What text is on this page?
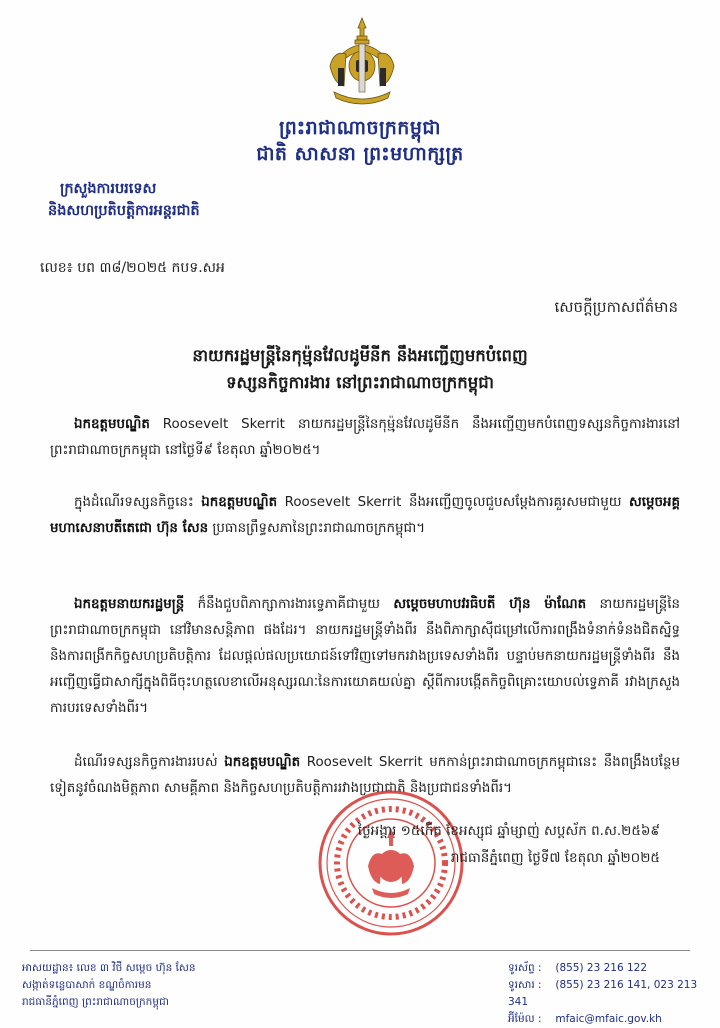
ព្រះរាជាណាចក្រកម្ពុជា
ជាតិ សាសនា ព្រះមហាក្សត្រ
ក្រសួងការបរទេស
និងសហប្រតិបត្តិការអន្តរជាតិ
លេខ៖ បព ៣៨/២០២៥ កបទ.សអ
សេចក្តីប្រកាសព័ត៌មាន
នាយករដ្ឋមន្ត្រីនៃកុម្ម៉ុនវែលដូមីនីក នឹងអញ្ជើញមកបំពេញ
ទស្សនកិច្ចការងារ នៅព្រះរាជាណាចក្រកម្ពុជា
ឯកឧត្តមបណ្ឌិត Roosevelt Skerrit នាយករដ្ឋមន្ត្រីនៃកុម្ម៉ុនវែលដូមីនីក នឹងអញ្ជើញមកបំពេញទស្សនកិច្ចការងារនៅព្រះរាជាណាចក្រកម្ពុជា នៅថ្ងៃទី៩ ខែតុលា ឆ្នាំ២០២៥។
ក្នុងដំណើរទស្សនកិច្ចនេះ ឯកឧត្តមបណ្ឌិត Roosevelt Skerrit នឹងអញ្ជើញចូលជួបសម្តែងការគួរសមជាមួយ សម្តេចអគ្គមហាសេនាបតីតេជោ ហ៊ុន សែន ប្រធានព្រឹទ្ធសភានៃព្រះរាជាណាចក្រកម្ពុជា។
ឯកឧត្តមនាយករដ្ឋមន្ត្រី ក៏នឹងជួបពិភាក្សាការងារទ្វេភាគីជាមួយ សម្តេចមហាបវរធិបតី ហ៊ុន ម៉ាណែត នាយករដ្ឋមន្ត្រីនៃព្រះរាជាណាចក្រកម្ពុជា នៅវិមានសន្តិភាព ផងដែរ។ នាយករដ្ឋមន្ត្រីទាំងពីរ នឹងពិភាក្សាស៊ីជម្រៅលើការពង្រឹងទំនាក់ទំនងជិតស្និទ្ធ និងការពង្រីកកិច្ចសហប្រតិបត្តិការ ដែលផ្តល់ផលប្រយោជន៍ទៅវិញទៅមករវាងប្រទេសទាំងពីរ បន្ទាប់មកនាយករដ្ឋមន្ត្រីទាំងពីរ នឹងអញ្ជើញធ្វើជាសាក្សីក្នុងពិធីចុះហត្ថលេខាលើអនុស្សរណៈនៃការយោគយល់គ្នា ស្តីពីការបង្កើតកិច្ចពិគ្រោះយោបល់ទ្វេភាគី រវាងក្រសួងការបរទេសទាំងពីរ។
ដំណើរទស្សនកិច្ចការងាររបស់ ឯកឧត្តមបណ្ឌិត Roosevelt Skerrit មកកាន់ព្រះរាជាណាចក្រកម្ពុជានេះ នឹងពង្រឹងបន្ថែមទៀតនូវចំណងមិត្តភាព សាមគ្គីភាព និងកិច្ចសហប្រតិបត្តិការរវាងប្រជាជាតិ និងប្រជាជនទាំងពីរ។
ថ្ងៃអង្គារ ១៥កើត ខែអស្សុជ ឆ្នាំម្សាញ់ សប្តស័ក ព.ស.២៥៦៩
រាជធានីភ្នំពេញ ថ្ងៃទី៧ ខែតុលា ឆ្នាំ២០២៥
អាសយដ្ឋាន៖ លេខ ៣ វិថី សម្តេច ហ៊ុន សែន
សង្កាត់ទន្លេបាសាក់ ខណ្ឌចំការមន
រាជធានីភ្នំពេញ ព្រះរាជាណាចក្រកម្ពុជា
ទូរស័ព្ទ : (855) 23 216 122
ទូរសារ : (855) 23 216 141, 023 213 341
អ៊ីម៉ែល : mfaic@mfaic.gov.kh
